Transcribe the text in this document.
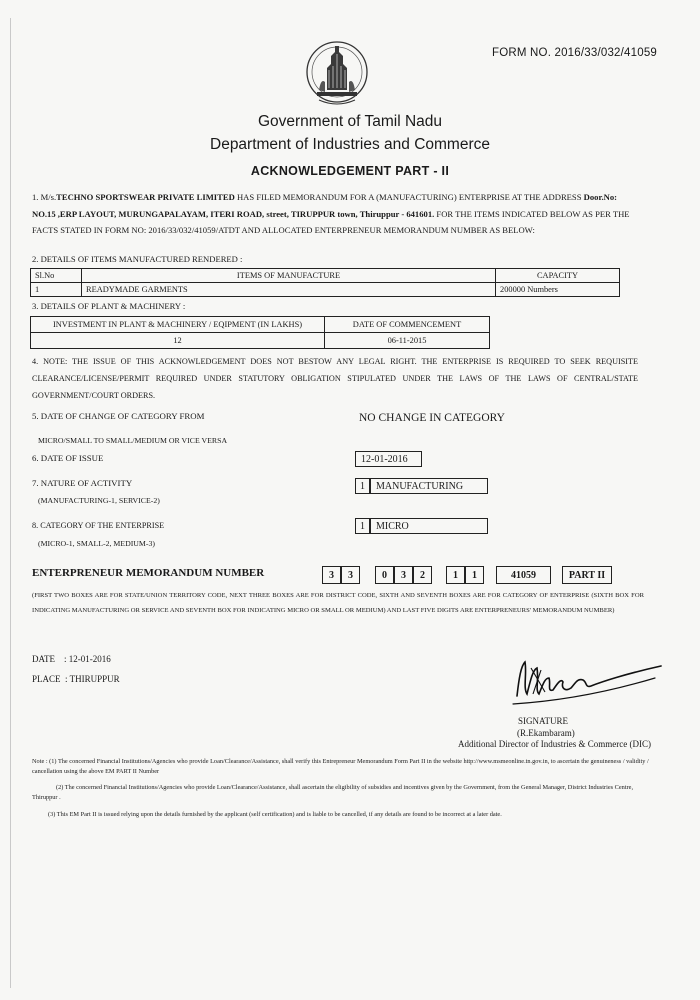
FORM NO. 2016/33/032/41059
Government of Tamil Nadu
Department of Industries and Commerce
ACKNOWLEDGEMENT PART - II
1. M/s.TECHNO SPORTSWEAR PRIVATE LIMITED HAS FILED MEMORANDUM FOR A (MANUFACTURING) ENTERPRISE AT THE ADDRESS Door.No: NO.15 ,ERP LAYOUT, MURUNGAPALAYAM, ITERI ROAD, street, TIRUPPUR town, Thiruppur - 641601. FOR THE ITEMS INDICATED BELOW AS PER THE FACTS STATED IN FORM NO: 2016/33/032/41059/ATDT AND ALLOCATED ENTERPRENEUR MEMORANDUM NUMBER AS BELOW:
2. DETAILS OF ITEMS MANUFACTURED RENDERED :
Sl.No	ITEMS OF MANUFACTURE	CAPACITY
1	READYMADE GARMENTS	200000 Numbers
3. DETAILS OF PLANT & MACHINERY :
INVESTMENT IN PLANT & MACHINERY / EQIPMENT (IN LAKHS)	DATE OF COMMENCEMENT
12	06-11-2015
4. NOTE: THE ISSUE OF THIS ACKNOWLEDGEMENT DOES NOT BESTOW ANY LEGAL RIGHT. THE ENTERPRISE IS REQUIRED TO SEEK REQUISITE CLEARANCE/LICENSE/PERMIT REQUIRED UNDER STATUTORY OBLIGATION STIPULATED UNDER THE LAWS OF THE LAWS OF CENTRAL/STATE GOVERNMENT/COURT ORDERS.
5. DATE OF CHANGE OF CATEGORY FROM
MICRO/SMALL TO SMALL/MEDIUM OR VICE VERSA
NO CHANGE IN CATEGORY
6. DATE OF ISSUE	12-01-2016
7. NATURE OF ACTIVITY
(MANUFACTURING-1, SERVICE-2)
1	MANUFACTURING
8. CATEGORY OF THE ENTERPRISE
(MICRO-1, SMALL-2, MEDIUM-3)
1	MICRO
ENTERPRENEUR MEMORANDUM NUMBER	3	3	0	3	2	1	1	41059	PART II
(FIRST TWO BOXES ARE FOR STATE/UNION TERRITORY CODE, NEXT THREE BOXES ARE FOR DISTRICT CODE, SIXTH AND SEVENTH BOXES ARE FOR CATEGORY OF ENTERPRISE (SIXTH BOX FOR INDICATING MANUFACTURING OR SERVICE AND SEVENTH BOX FOR INDICATING MICRO OR SMALL OR MEDIUM) AND LAST FIVE DIGITS ARE ENTERPRENEURS' MEMORANDUM NUMBER)
DATE : 12-01-2016
PLACE : THIRUPPUR
SIGNATURE
(R.Ekambaram)
Additional Director of Industries & Commerce (DIC)
Note : (1) The concerned Financial Institutions/Agencies who provide Loan/Clearance/Assistance, shall verify this Entrepreneur Memorandum Form Part II in the website http://www.msmeonline.tn.gov.in, to ascertain the genuineness / validity / cancellation using the above EM PART II Number
(2) The concerned Financial Institutions/Agencies who provide Loan/Clearance/Assistance, shall ascertain the eligibility of subsidies and incentives given by the Government, from the General Manager, District Industries Centre, Thiruppur .
(3) This EM Part II is issued relying upon the details furnished by the applicant (self certification) and is liable to be cancelled, if any details are found to be incorrect at a later date.
